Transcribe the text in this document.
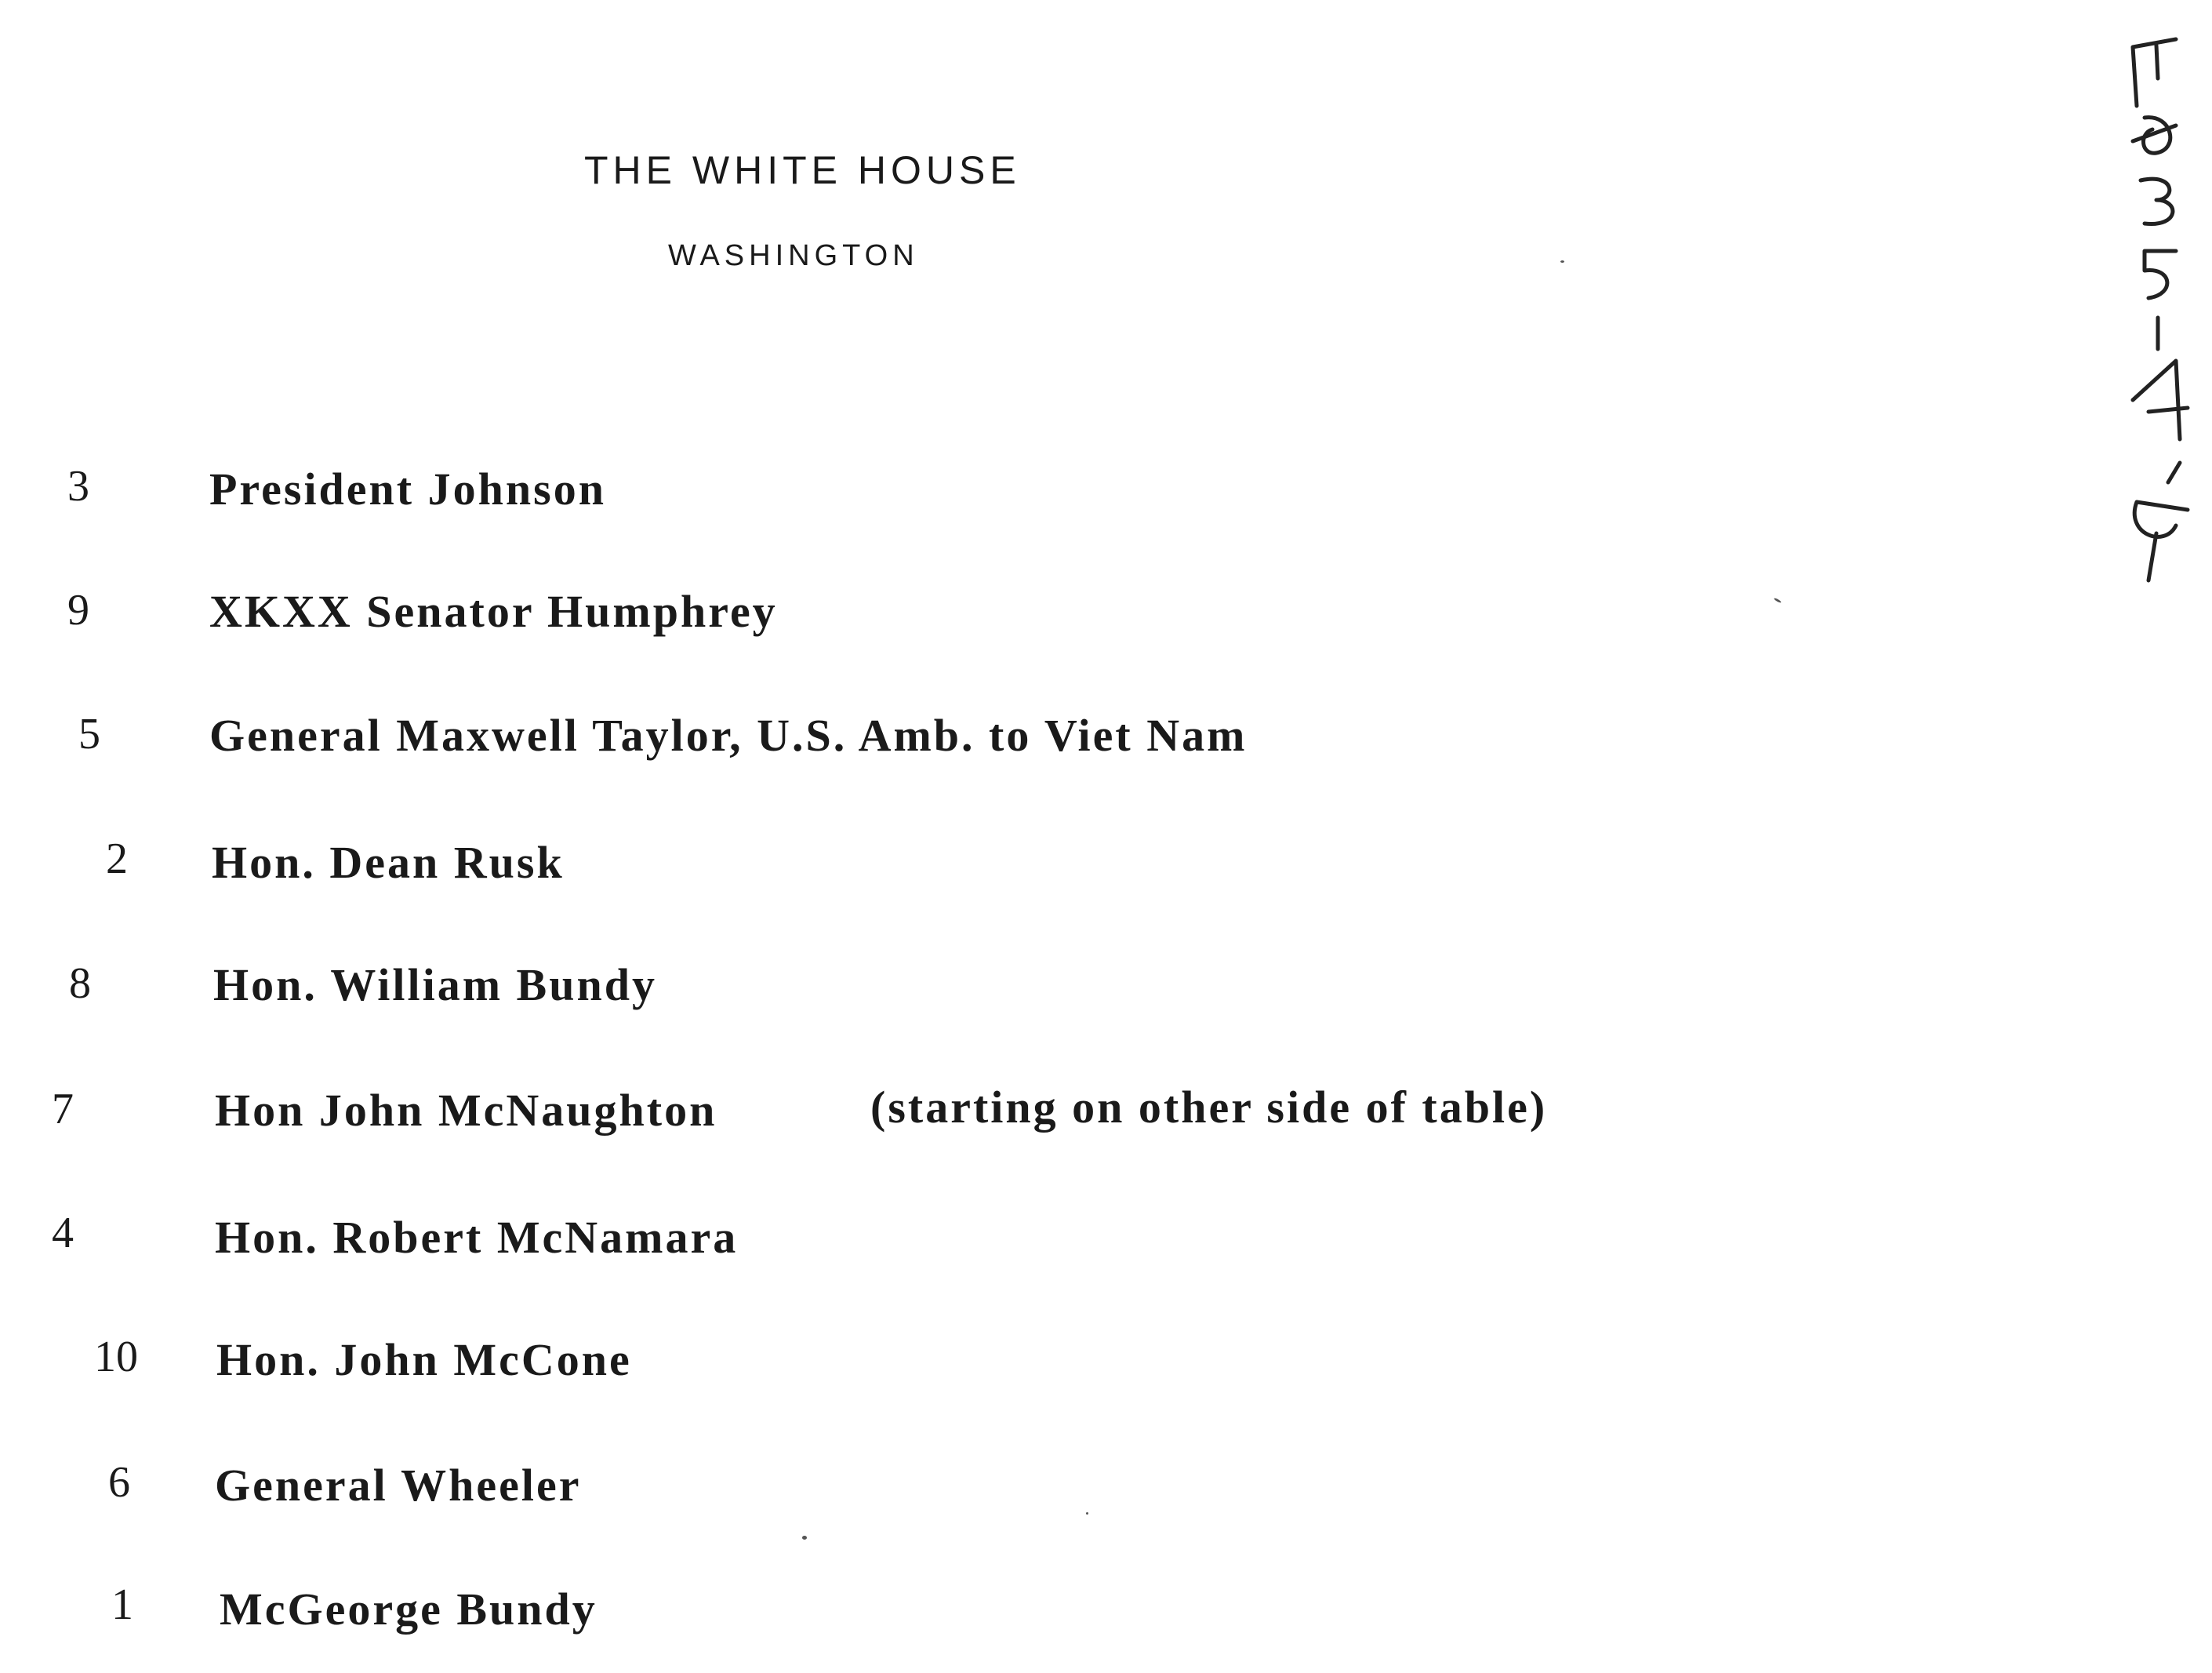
THE WHITE HOUSE
WASHINGTON
3	President Johnson
9	XKXX Senator Humphrey
5 General Maxwell Taylor, U.S. Amb. to Viet Nam
2 Hon. Dean Rusk
8	Hon. William Bundy
7	Hon John McNaughton	(starting on other side of table)
4	Hon. Robert McNamara
10 Hon. John McCone
6 General Wheeler
1 McGeorge Bundy
